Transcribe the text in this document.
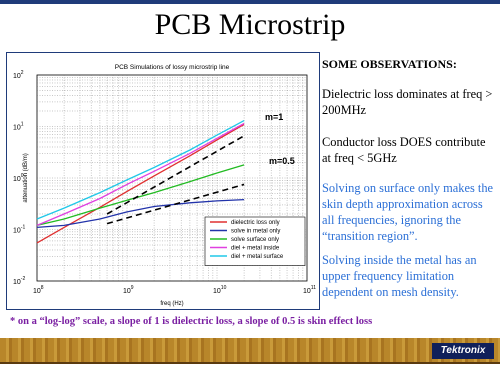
PCB Microstrip
$10^8$	$10^9$	$10^{10}$	$10^{11}$
$10^{-2}$
$10^{-1}$
$10^0$
$10^1$
$10^2$
PCB Simulations of lossy microstrip line
freq (Hz)
attenuation (dB/m)
m=1
m=0.5
dielectric loss only
solve in metal only
solve surface only
diel + metal inside
diel + metal surface
SOME OBSERVATIONS:
Dielectric loss dominates at freq > 200MHz
Conductor loss DOES contribute at freq < 5GHz
Solving on surface only makes the skin depth approximation across all frequencies, ignoring the “transition region”.
Solving inside the metal has an upper frequency limitation dependent on mesh density.
* on a “log-log” scale, a slope of 1 is dielectric loss, a slope of 0.5 is skin effect loss
Tektronix
